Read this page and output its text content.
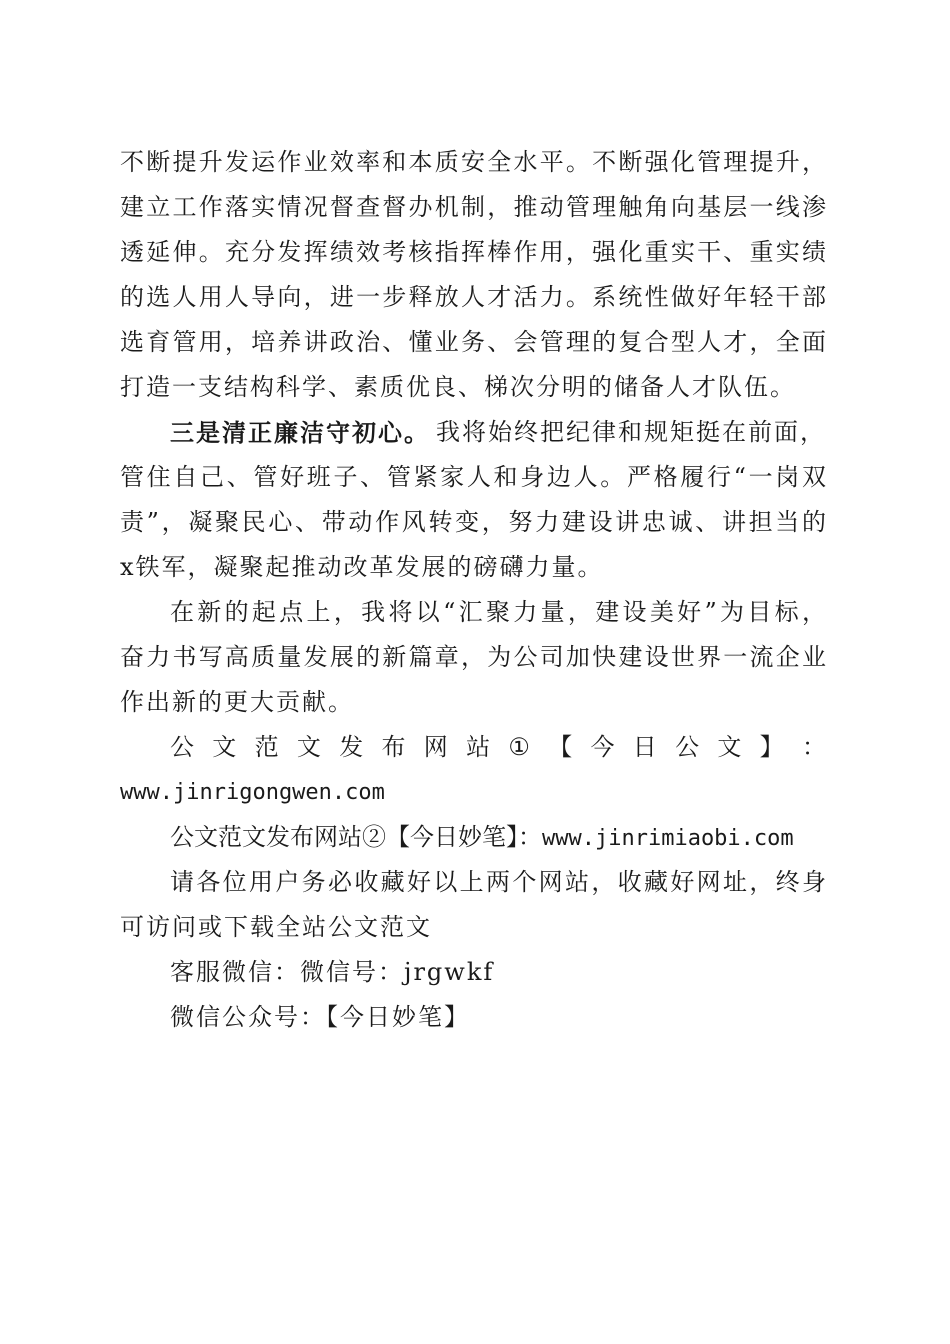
不断提升发运作业效率和本质安全水平。不断强化管理提升，
建立工作落实情况督查督办机制，推动管理触角向基层一线渗
透延伸。充分发挥绩效考核指挥棒作用，强化重实干、重实绩
的选人用人导向，进一步释放人才活力。系统性做好年轻干部
选育管用，培养讲政治、懂业务、会管理的复合型人才，全面
打造一支结构科学、素质优良、梯次分明的储备人才队伍。
三是清正廉洁守初心。 我将始终把纪律和规矩挺在前面，
管住自己、管好班子、管紧家人和身边人。严格履行“一岗双
责”，凝聚民心、带动作风转变，努力建设讲忠诚、讲担当的
x铁军，凝聚起推动改革发展的磅礴力量。
在新的起点上，我将以“汇聚力量，建设美好”为目标，
奋力书写高质量发展的新篇章，为公司加快建设世界一流企业
作出新的更大贡献。
公 文 范 文 发 布 网 站 ① 【 今 日 公 文 】 ：
www.jinrigongwen.com
公文范文发布网站②【今日妙笔】：www.jinrimiaobi.com
请各位用户务必收藏好以上两个网站，收藏好网址，终身
可访问或下载全站公文范文
客服微信：微信号：jrgwkf
微信公众号：【今日妙笔】
